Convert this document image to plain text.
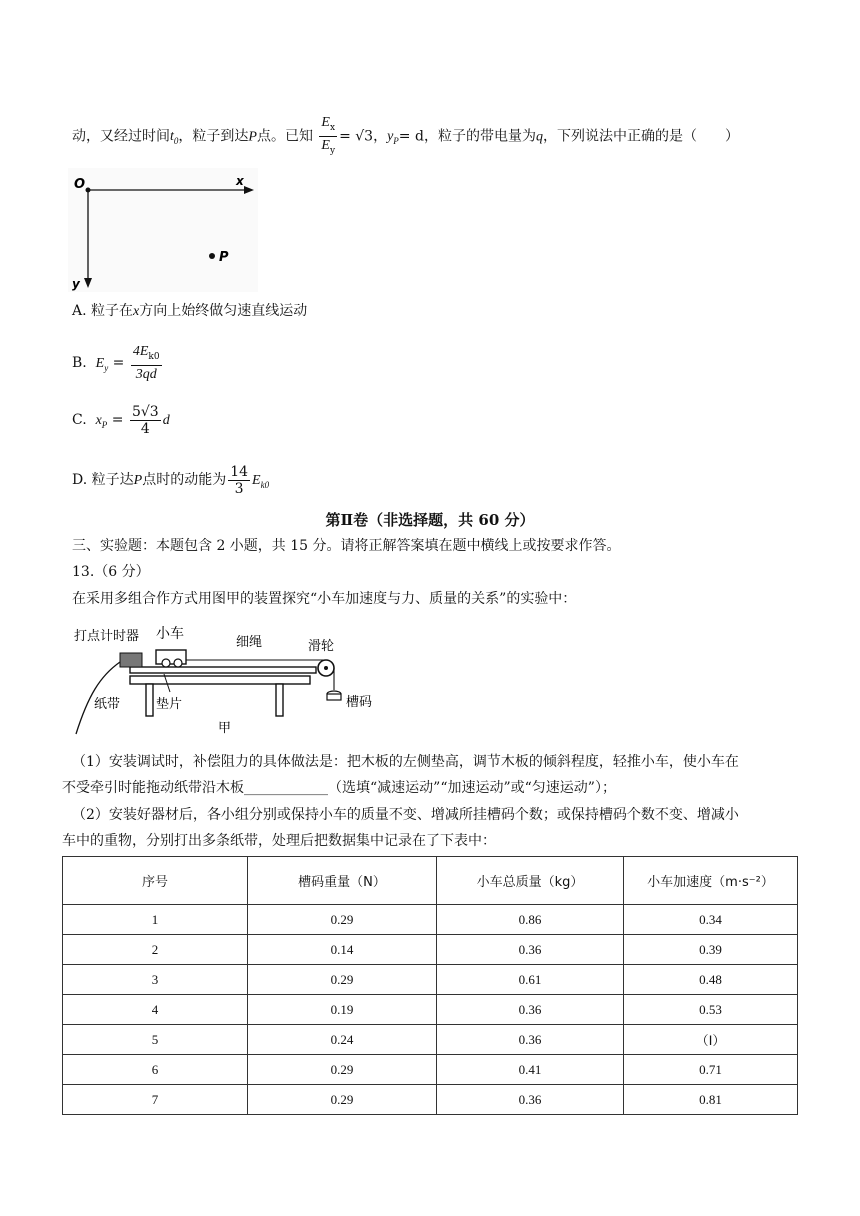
动，又经过时间$t_0$，粒子到达P点。已知 $\frac{E_x}{E_y} = √3$，$y_P= d$，粒子的带电量为q，下列说法中正确的是（　　）
O	x
y
P
A. 粒子在x方向上始终做匀速直线运动
B. $E_y = \frac{4E_{k0}}{3qd}$
C. $x_P = \frac{5√3}{4}$ d
D. 粒子达P点时的动能为 $\frac{14}{3} E_{k0}$
第Ⅱ卷（非选择题，共 60 分）
三、实验题：本题包含 2 小题，共 15 分。请将正解答案填在题中横线上或按要求作答。
13.（6 分）
在采用多组合作方式用图甲的装置探究“小车加速度与力、质量的关系”的实验中：
打点计时器 小车
细绳	滑轮
纸带	垫片	槽码
甲
（1）安装调试时，补偿阻力的具体做法是：把木板的左侧垫高，调节木板的倾斜程度，轻推小车，使小车在
不受牵引时能拖动纸带沿木板____________（选填“减速运动”“加速运动”或“匀速运动”）；
（2）安装好器材后，各小组分别或保持小车的质量不变、增减所挂槽码个数；或保持槽码个数不变、增减小
车中的重物，分别打出多条纸带，处理后把数据集中记录在了下表中：
序号	槽码重量（N）	小车总质量（kg）	小车加速度（m·s⁻²）
1	0.29	0.86	0.34
2	0.14	0.36	0.39
3	0.29	0.61	0.48
4	0.19	0.36	0.53
5	0.24	0.36	（Ⅰ）
6	0.29	0.41	0.71
7	0.29	0.36	0.81
